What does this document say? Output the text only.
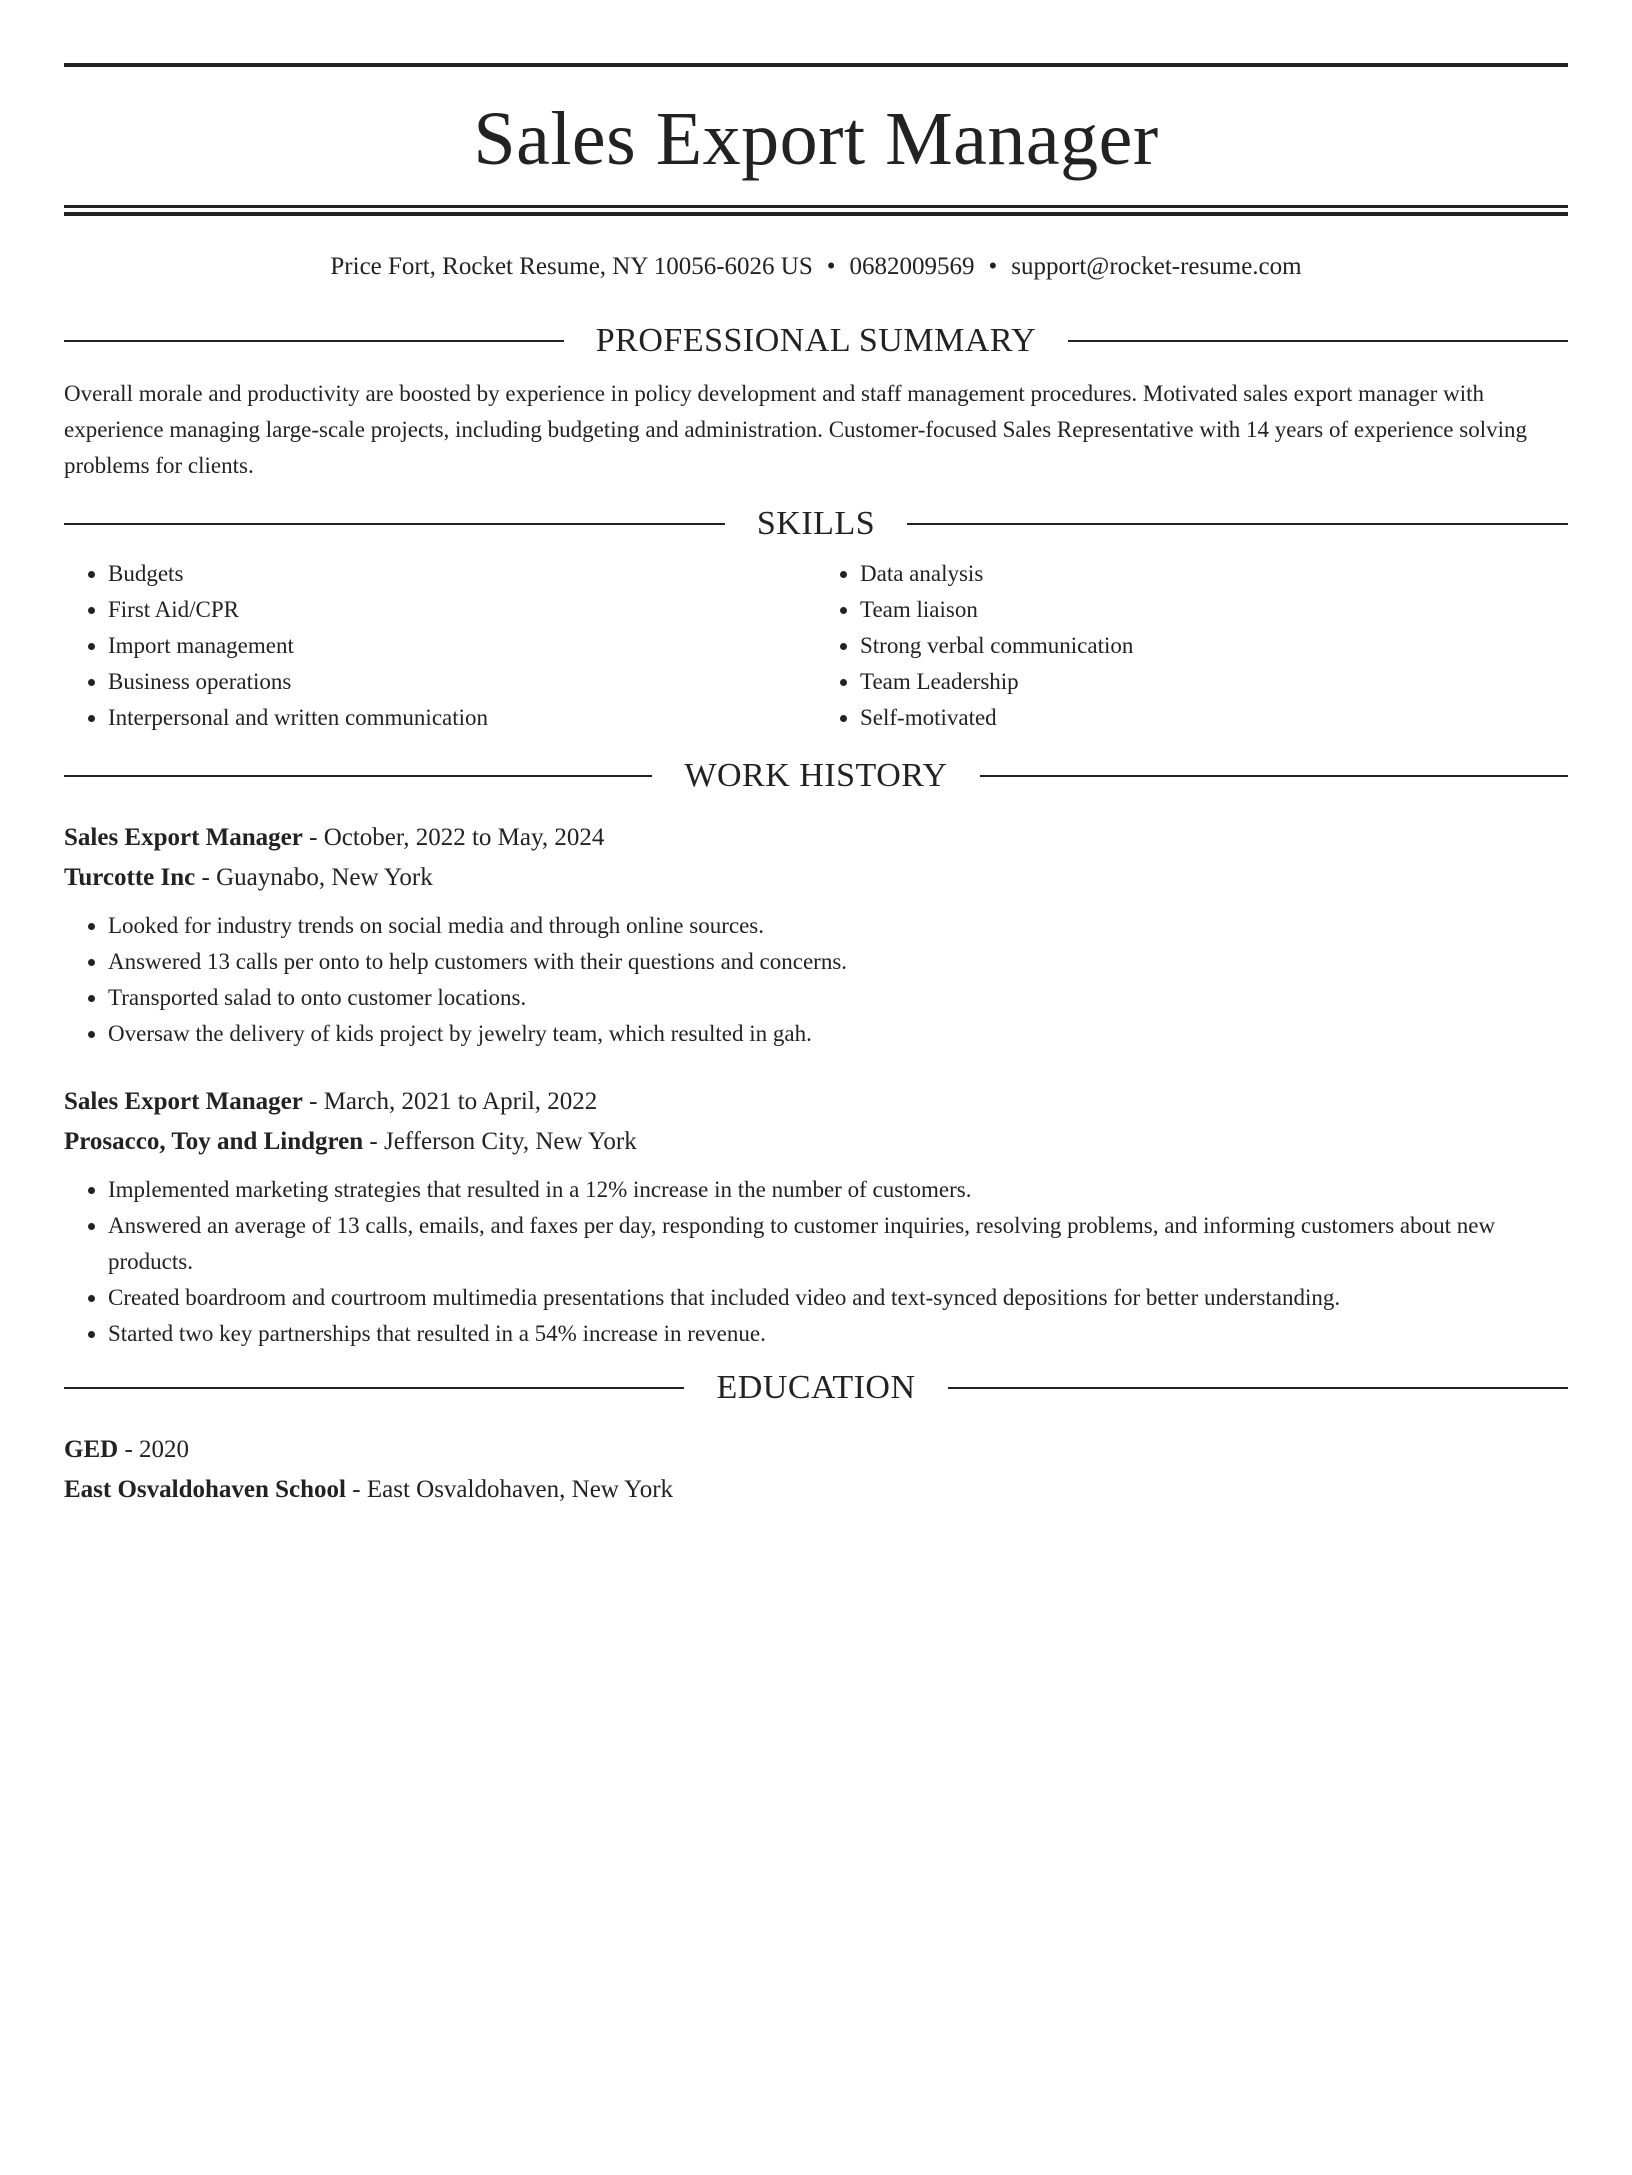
Sales Export Manager
Price Fort, Rocket Resume, NY 10056-6026 US • 0682009569 • support@rocket-resume.com
PROFESSIONAL SUMMARY
Overall morale and productivity are boosted by experience in policy development and staff management procedures. Motivated sales export manager with experience managing large-scale projects, including budgeting and administration. Customer-focused Sales Representative with 14 years of experience solving problems for clients.
SKILLS
• Budgets
• First Aid/CPR
• Import management
• Business operations
• Interpersonal and written communication
• Data analysis
• Team liaison
• Strong verbal communication
• Team Leadership
• Self-motivated
WORK HISTORY
Sales Export Manager - October, 2022 to May, 2024
Turcotte Inc - Guaynabo, New York
• Looked for industry trends on social media and through online sources.
• Answered 13 calls per onto to help customers with their questions and concerns.
• Transported salad to onto customer locations.
• Oversaw the delivery of kids project by jewelry team, which resulted in gah.
Sales Export Manager - March, 2021 to April, 2022
Prosacco, Toy and Lindgren - Jefferson City, New York
• Implemented marketing strategies that resulted in a 12% increase in the number of customers.
• Answered an average of 13 calls, emails, and faxes per day, responding to customer inquiries, resolving problems, and informing customers about new products.
• Created boardroom and courtroom multimedia presentations that included video and text-synced depositions for better understanding.
• Started two key partnerships that resulted in a 54% increase in revenue.
EDUCATION
GED - 2020
East Osvaldohaven School - East Osvaldohaven, New York
